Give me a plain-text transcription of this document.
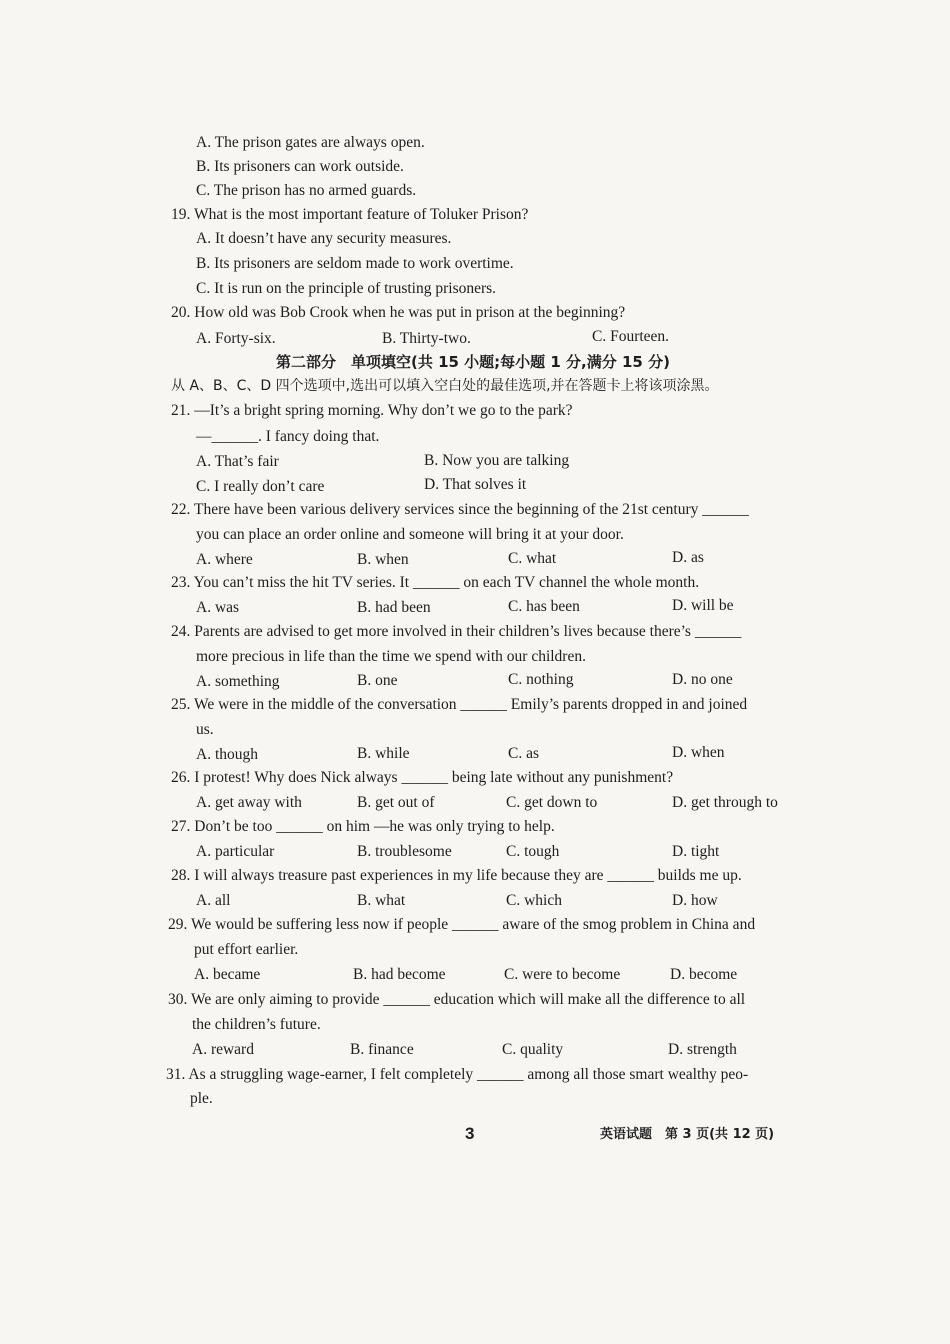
A. The prison gates are always open.
B. Its prisoners can work outside.
C. The prison has no armed guards.
19. What is the most important feature of Toluker Prison?
A. It doesn’t have any security measures.
B. Its prisoners are seldom made to work overtime.
C. It is run on the principle of trusting prisoners.
20. How old was Bob Crook when he was put in prison at the beginning?
A. Forty-six.	B. Thirty-two.	C. Fourteen.
第二部分　单项填空(共 15 小题;每小题 1 分,满分 15 分)
从 A、B、C、D 四个选项中,选出可以填入空白处的最佳选项,并在答题卡上将该项涂黑。
21. —It’s a bright spring morning. Why don’t we go to the park?
—______. I fancy doing that.
A. That’s fair	B. Now you are talking
C. I really don’t care	D. That solves it
22. There have been various delivery services since the beginning of the 21st century ______
you can place an order online and someone will bring it at your door.
A. where	B. when	C. what	D. as
23. You can’t miss the hit TV series. It ______ on each TV channel the whole month.
A. was	B. had been	C. has been	D. will be
24. Parents are advised to get more involved in their children’s lives because there’s ______
more precious in life than the time we spend with our children.
A. something	B. one	C. nothing	D. no one
25. We were in the middle of the conversation ______ Emily’s parents dropped in and joined
us.
A. though	B. while	C. as	D. when
26. I protest! Why does Nick always ______ being late without any punishment?
A. get away with	B. get out of	C. get down to	D. get through to
27. Don’t be too ______ on him —he was only trying to help.
A. particular	B. troublesome	C. tough	D. tight
28. I will always treasure past experiences in my life because they are ______ builds me up.
A. all	B. what	C. which	D. how
29. We would be suffering less now if people ______ aware of the smog problem in China and
put effort earlier.
A. became	B. had become	C. were to become	D. become
30. We are only aiming to provide ______ education which will make all the difference to all
the children’s future.
A. reward	B. finance	C. quality	D. strength
31. As a struggling wage-earner, I felt completely ______ among all those smart wealthy peo-
ple.
3	英语试题　第 3 页(共 12 页)
